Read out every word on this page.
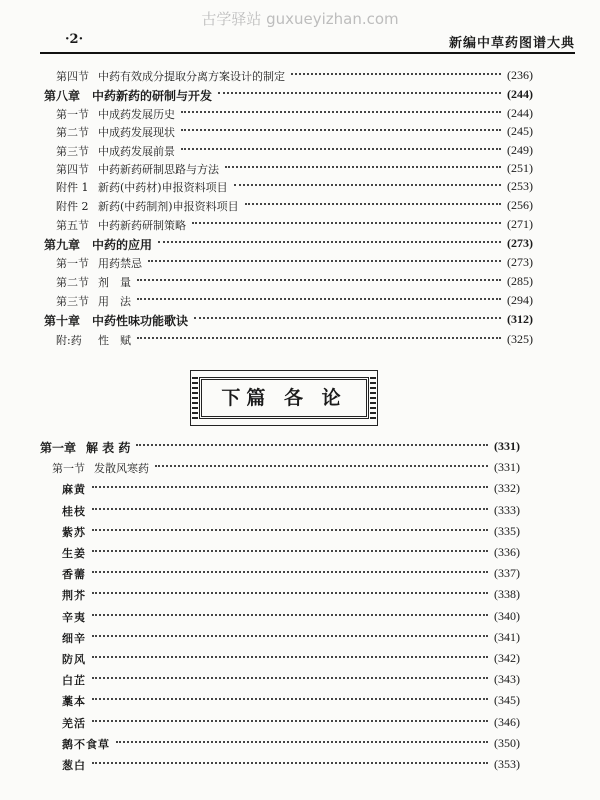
古学驿站 guxueyizhan.com
·2·	新编中草药图谱大典
第四节 中药有效成分提取分离方案设计的制定	(236)
第八章 中药新药的研制与开发	(244)
第一节 中成药发展历史	(244)
第二节 中成药发展现状	(245)
第三节 中成药发展前景	(249)
第四节 中药新药研制思路与方法	(251)
附件 1 新药(中药材)申报资料项目	(253)
附件 2 新药(中药制剂)申报资料项目	(256)
第五节 中药新药研制策略	(271)
第九章 中药的应用	(273)
第一节 用药禁忌	(273)
第二节 剂　量	(285)
第三节 用　法	(294)
第十章 中药性味功能歌诀	(312)
附:药 性　赋	(325)
下篇 各 论
第一章 解 表 药	(331)
第一节 发散风寒药	(331)
麻黄	(332)
桂枝	(333)
紫苏	(335)
生姜	(336)
香薷	(337)
荆芥	(338)
辛夷	(340)
细辛	(341)
防风	(342)
白芷	(343)
藁本	(345)
羌活	(346)
鹅不食草	(350)
葱白	(353)
